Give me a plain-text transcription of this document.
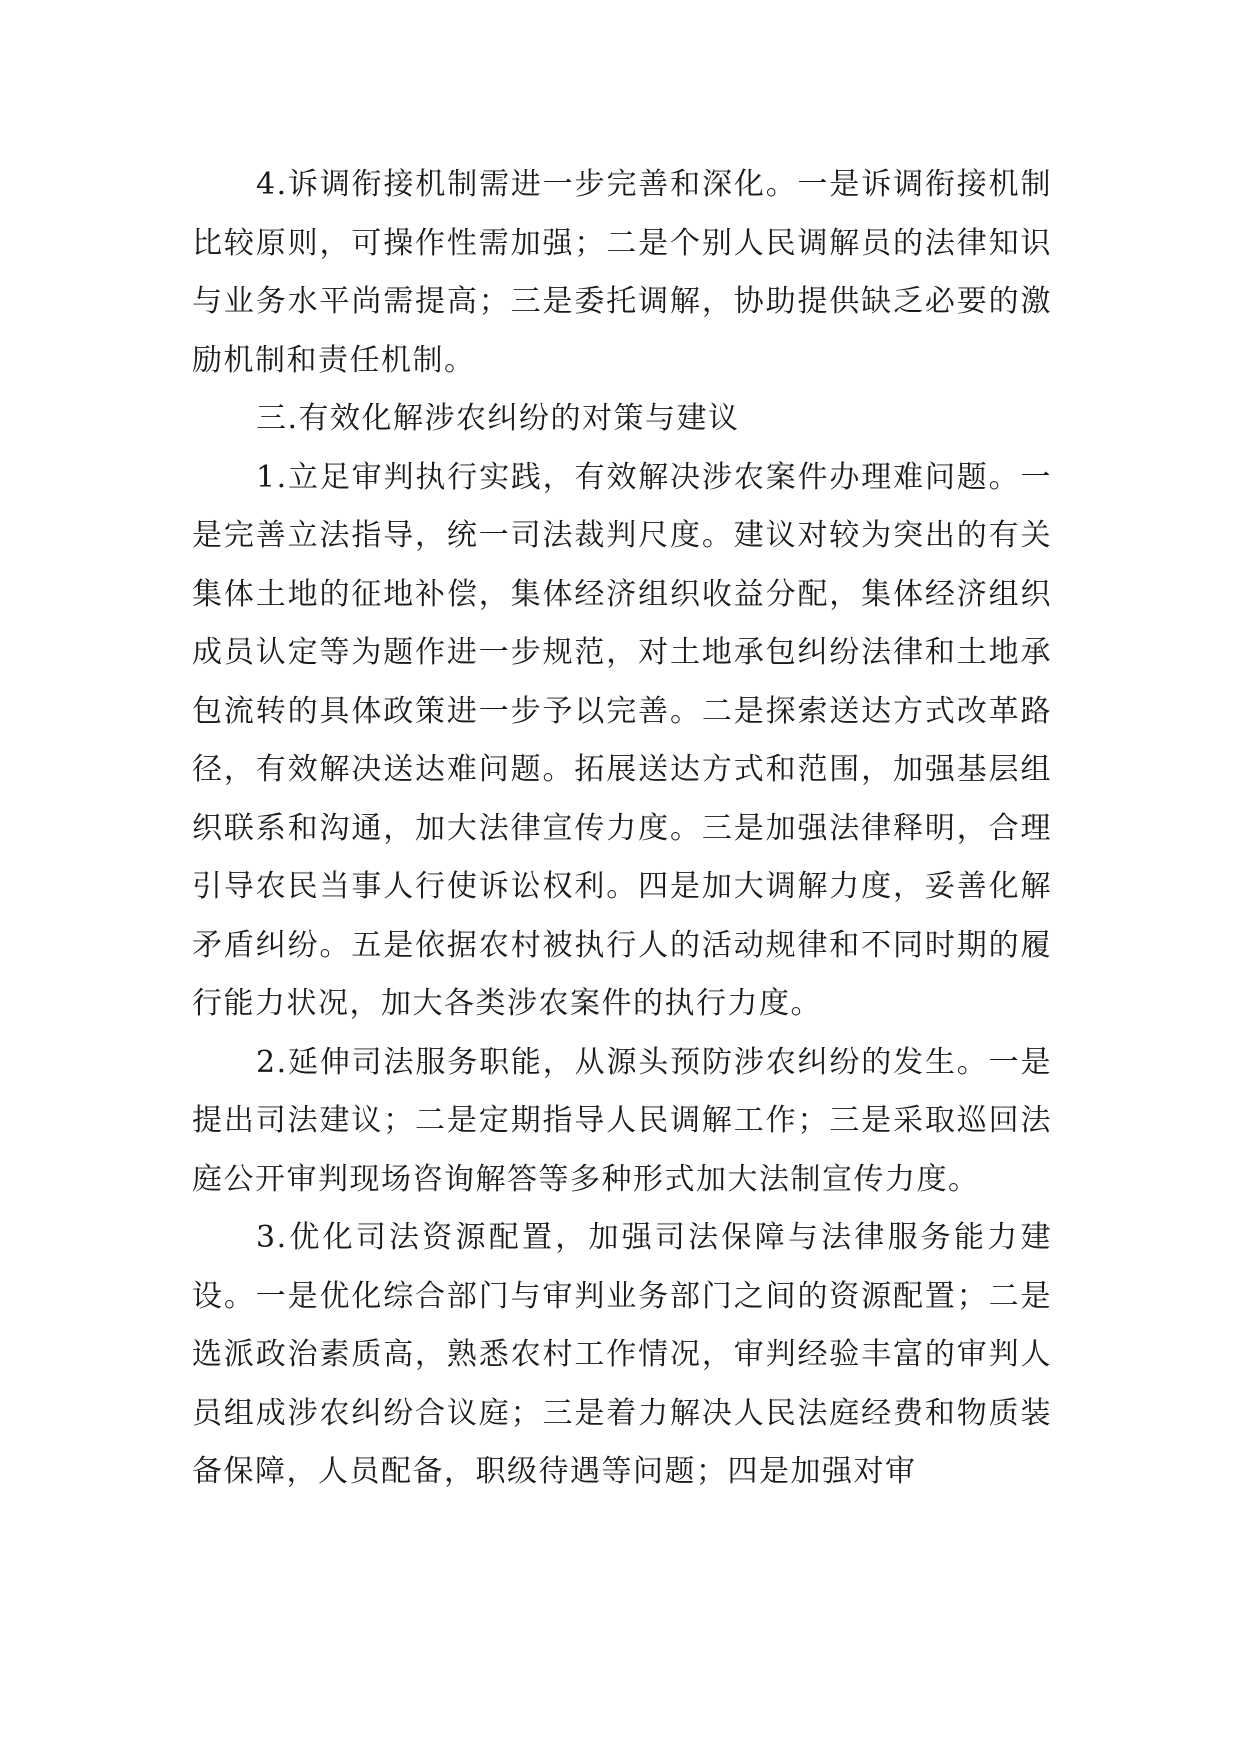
4.诉调衔接机制需进一步完善和深化。一是诉调衔接机制比较原则，可操作性需加强；二是个别人民调解员的法律知识与业务水平尚需提高；三是委托调解，协助提供缺乏必要的激励机制和责任机制。

三.有效化解涉农纠纷的对策与建议

1.立足审判执行实践，有效解决涉农案件办理难问题。一是完善立法指导，统一司法裁判尺度。建议对较为突出的有关集体土地的征地补偿，集体经济组织收益分配，集体经济组织成员认定等为题作进一步规范，对土地承包纠纷法律和土地承包流转的具体政策进一步予以完善。二是探索送达方式改革路径，有效解决送达难问题。拓展送达方式和范围，加强基层组织联系和沟通，加大法律宣传力度。三是加强法律释明，合理引导农民当事人行使诉讼权利。四是加大调解力度，妥善化解矛盾纠纷。五是依据农村被执行人的活动规律和不同时期的履行能力状况，加大各类涉农案件的执行力度。

2.延伸司法服务职能，从源头预防涉农纠纷的发生。一是提出司法建议；二是定期指导人民调解工作；三是采取巡回法庭公开审判现场咨询解答等多种形式加大法制宣传力度。

3.优化司法资源配置，加强司法保障与法律服务能力建设。一是优化综合部门与审判业务部门之间的资源配置；二是选派政治素质高，熟悉农村工作情况，审判经验丰富的审判人员组成涉农纠纷合议庭；三是着力解决人民法庭经费和物质装备保障，人员配备，职级待遇等问题；四是加强对审
